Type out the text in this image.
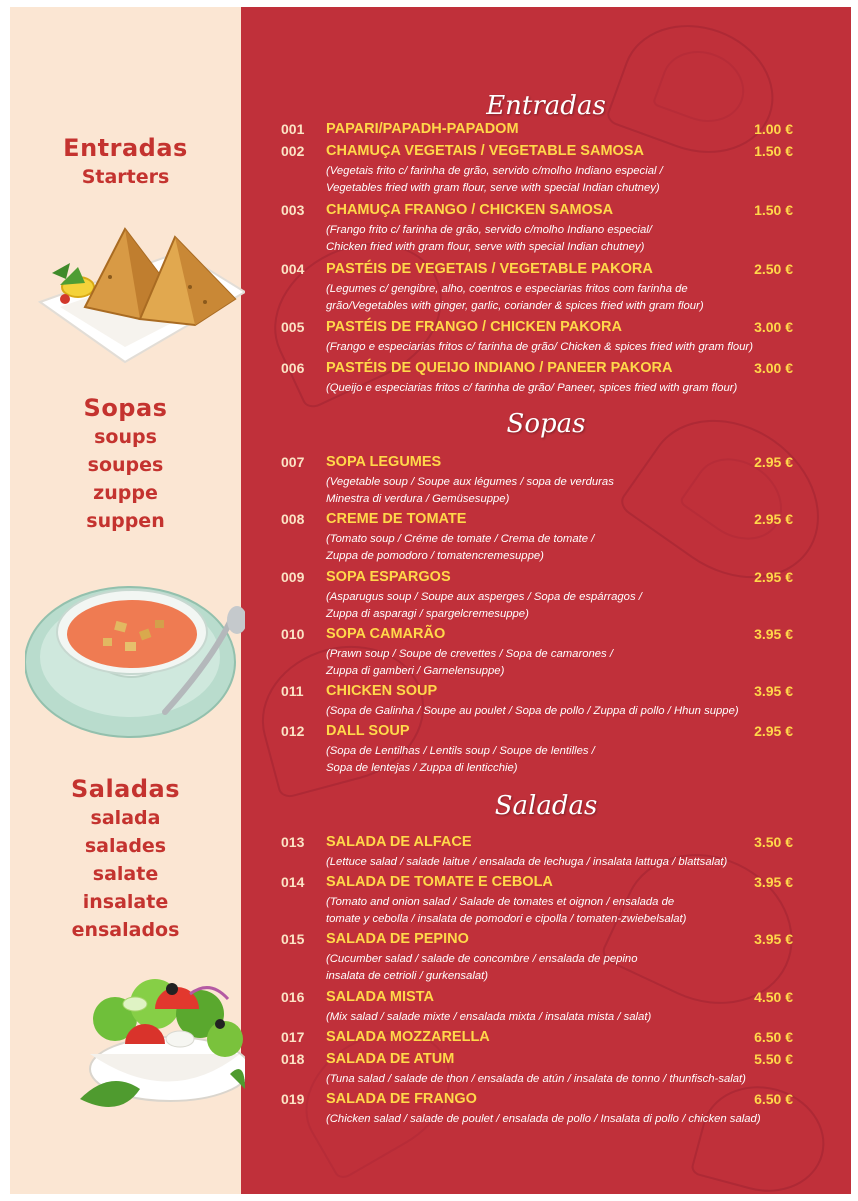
Entradas
Starters
Sopas
soups
soupes
zuppe
suppen
Saladas
salada
salades
salate
insalate
ensalados
Entradas
Sopas
Saladas
001 PAPARI/PAPADH-PAPADOM	1.00 €
002 CHAMUÇA VEGETAIS / VEGETABLE SAMOSA	1.50 €
(Vegetais frito c/ farinha de grão, servido c/molho Indiano especial /
Vegetables fried with gram flour, serve with special Indian chutney)
003 CHAMUÇA FRANGO / CHICKEN SAMOSA	1.50 €
(Frango frito c/ farinha de grão, servido c/molho Indiano especial/
Chicken fried with gram flour, serve with special Indian chutney)
004 PASTÉIS DE VEGETAIS / VEGETABLE PAKORA	2.50 €
(Legumes c/ gengibre, alho, coentros e especiarias fritos com farinha de
grão/Vegetables with ginger, garlic, coriander & spices fried with gram flour)
005 PASTÉIS DE FRANGO / CHICKEN PAKORA	3.00 €
(Frango e especiarias fritos c/ farinha de grão/ Chicken & spices fried with gram flour)
006 PASTÉIS DE QUEIJO INDIANO / PANEER PAKORA	3.00 €
(Queijo e especiarias fritos c/ farinha de grão/ Paneer, spices fried with gram flour)
007 SOPA LEGUMES	2.95 €
(Vegetable soup / Soupe aux légumes / sopa de verduras
Minestra di verdura / Gemüsesuppe)
008 CREME DE TOMATE	2.95 €
(Tomato soup / Créme de tomate / Crema de tomate /
Zuppa de pomodoro / tomatencremesuppe)
009 SOPA ESPARGOS	2.95 €
(Asparugus soup / Soupe aux asperges / Sopa de espárragos /
Zuppa di asparagi / spargelcremesuppe)
010 SOPA CAMARÃO	3.95 €
(Prawn soup / Soupe de crevettes / Sopa de camarones /
Zuppa di gamberi / Garnelensuppe)
011 CHICKEN SOUP	3.95 €
(Sopa de Galinha / Soupe au poulet / Sopa de pollo / Zuppa di pollo / Hhun suppe)
012 DALL SOUP	2.95 €
(Sopa de Lentilhas / Lentils soup / Soupe de lentilles /
Sopa de lentejas / Zuppa di lenticchie)
013 SALADA DE ALFACE	3.50 €
(Lettuce salad / salade laitue / ensalada de lechuga / insalata lattuga / blattsalat)
014 SALADA DE TOMATE E CEBOLA	3.95 €
(Tomato and onion salad / Salade de tomates et oignon / ensalada de
tomate y cebolla / insalata de pomodori e cipolla / tomaten-zwiebelsalat)
015 SALADA DE PEPINO	3.95 €
(Cucumber salad / salade de concombre / ensalada de pepino
insalata de cetrioli / gurkensalat)
016 SALADA MISTA	4.50 €
(Mix salad / salade mixte / ensalada mixta / insalata mista / salat)
017 SALADA MOZZARELLA	6.50 €
018 SALADA DE ATUM	5.50 €
(Tuna salad / salade de thon / ensalada de atún / insalata de tonno / thunfisch-salat)
019 SALADA DE FRANGO	6.50 €
(Chicken salad / salade de poulet / ensalada de pollo / Insalata di pollo / chicken salad)
